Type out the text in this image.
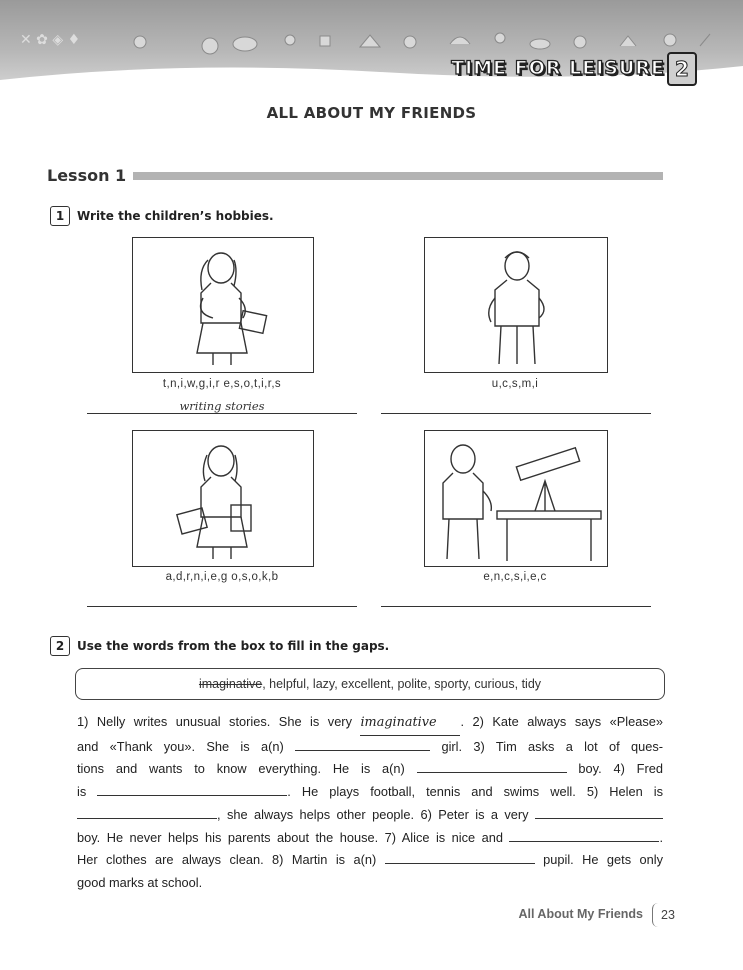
✕ ✿ ◈ ♦
TIME FOR LEISURE 2
ALL ABOUT MY FRIENDS
Lesson 1
1	Write the children’s hobbies.
t,n,i,w,g,i,r e,s,o,t,i,r,s
writing stories
u,c,s,m,i
a,d,r,n,i,e,g o,s,o,k,b	e,n,c,s,i,e,c
2	Use the words from the box to fill in the gaps.
imaginative, helpful, lazy, excellent, polite, sporty, curious, tidy
1) Nelly writes unusual stories. She is very imaginative . 2) Kate always says «Please»
and «Thank you». She is a(n)	girl. 3) Tim asks a lot of ques-
tions and wants to know everything. He is a(n)	boy. 4) Fred
is	. He plays football, tennis and swims well. 5) Helen is
, she always helps other people. 6) Peter is a very
boy. He never helps his parents about the house. 7) Alice is nice and	.
Her clothes are always clean. 8) Martin is a(n)	pupil. He gets only
good marks at school.
All About My Friends	23
